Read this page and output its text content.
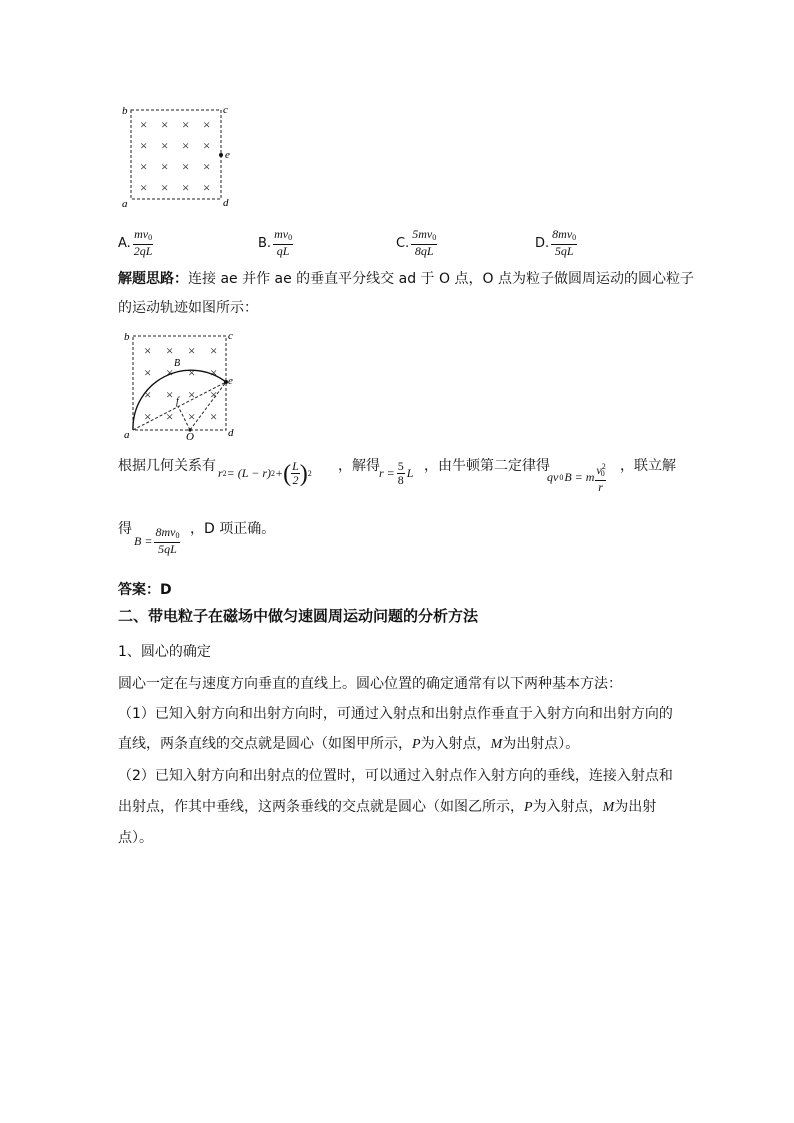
× × × ×
× × × ×
× × × ×
× × × ×
b	c
e
a	d
A. $\frac{mv_0}{2qL}$	B. $\frac{mv_0}{qL}$	C. $\frac{5mv_0}{8qL}$	D. $\frac{8mv_0}{5qL}$
解题思路：连接 ae 并作 ae 的垂直平分线交 ad 于 O 点，O 点为粒子做圆周运动的圆心粒子
的运动轨迹如图所示：
× × × ×
× × × ×
× × × ×
× × × ×
b	c
e
B
f
a	O	d
根据几何关系有 r 2 = (L − r) 2 + ( $\frac{L}{2}$ ) 2 ，解得 $r = \frac{5}{8}$ L ，由牛顿第二定律得
qv 0 B = m $\frac{v^2_0}{r}$ ，联立解
得
$B = \frac{8mv_0}{5qL}$ ，D 项正确。
答案：D
二、带电粒子在磁场中做匀速圆周运动问题的分析方法
1、圆心的确定
圆心一定在与速度方向垂直的直线上。圆心位置的确定通常有以下两种基本方法：
（1）已知入射方向和出射方向时，可通过入射点和出射点作垂直于入射方向和出射方向的
直线，两条直线的交点就是圆心（如图甲所示，P为入射点，M为出射点）。
（2）已知入射方向和出射点的位置时，可以通过入射点作入射方向的垂线，连接入射点和
出射点，作其中垂线，这两条垂线的交点就是圆心（如图乙所示，P为入射点，M为出射
点）。
